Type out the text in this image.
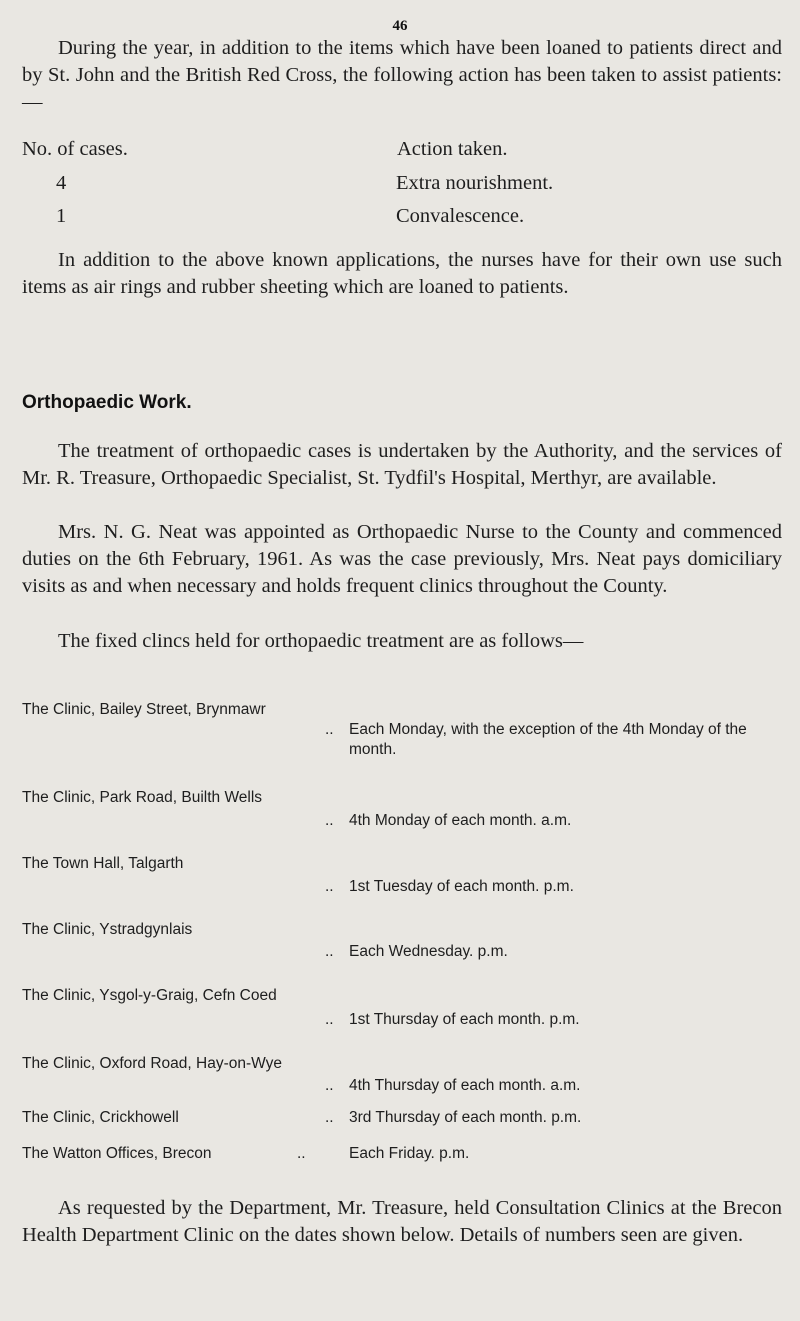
46

During the year, in addition to the items which have been loaned to patients direct and by St. John and the British Red Cross, the following action has been taken to assist patients:—

No. of cases.	Action taken.
4	Extra nourishment.
1	Convalescence.

In addition to the above known applications, the nurses have for their own use such items as air rings and rubber sheeting which are loaned to patients.

Orthopaedic Work.

The treatment of orthopaedic cases is undertaken by the Authority, and the services of Mr. R. Treasure, Orthopaedic Specialist, St. Tydfil's Hospital, Merthyr, are available.

Mrs. N. G. Neat was appointed as Orthopaedic Nurse to the County and commenced duties on the 6th February, 1961. As was the case previously, Mrs. Neat pays domiciliary visits as and when necessary and holds frequent clinics throughout the County.

The fixed clincs held for orthopaedic treatment are as follows—

The Clinic, Bailey Street, Brynmawr
.. Each Monday, with the exception of the 4th Monday of the month.
The Clinic, Park Road, Builth Wells
.. 4th Monday of each month. a.m.
The Town Hall, Talgarth
.. 1st Tuesday of each month. p.m.
The Clinic, Ystradgynlais
.. Each Wednesday. p.m.
The Clinic, Ysgol-y-Graig, Cefn Coed
.. 1st Thursday of each month. p.m.
The Clinic, Oxford Road, Hay-on-Wye
.. 4th Thursday of each month. a.m.
The Clinic, Crickhowell	.. 3rd Thursday of each month. p.m.
The Watton Offices, Brecon	..	Each Friday. p.m.

As requested by the Department, Mr. Treasure, held Consultation Clinics at the Brecon Health Department Clinic on the dates shown below. Details of numbers seen are given.
